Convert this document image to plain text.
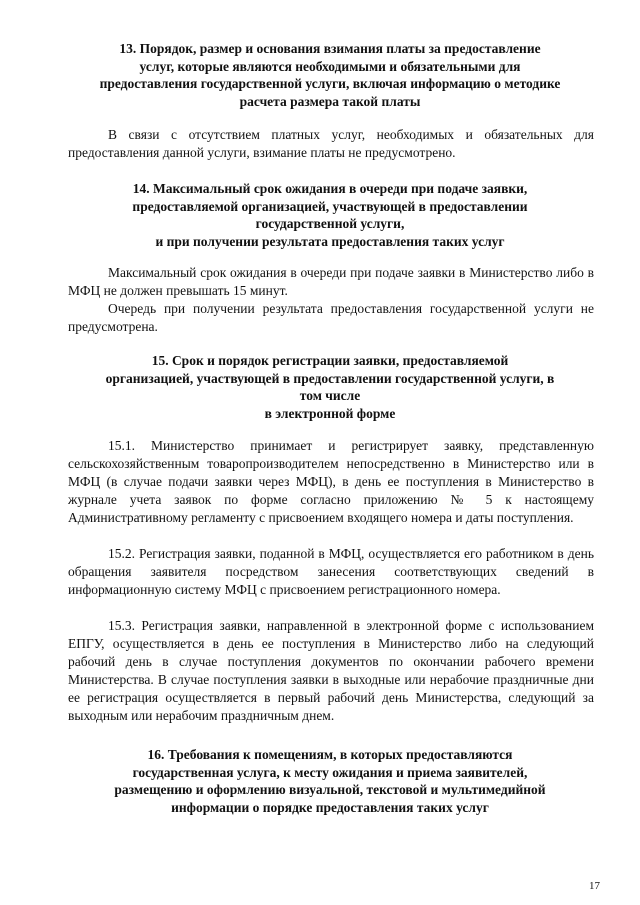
13. Порядок, размер и основания взимания платы за предоставление
услуг, которые являются необходимыми и обязательными для
предоставления государственной услуги, включая информацию о методике
расчета размера такой платы
В связи с отсутствием платных услуг, необходимых и обязательных для предоставления данной услуги, взимание платы не предусмотрено.
14. Максимальный срок ожидания в очереди при подаче заявки,
предоставляемой организацией, участвующей в предоставлении
государственной услуги,
и при получении результата предоставления таких услуг
Максимальный срок ожидания в очереди при подаче заявки в Министерство либо в МФЦ не должен превышать 15 минут.
Очередь при получении результата предоставления государственной услуги не предусмотрена.
15. Срок и порядок регистрации заявки, предоставляемой
организацией, участвующей в предоставлении государственной услуги, в
том числе
в электронной форме
15.1. Министерство принимает и регистрирует заявку, представленную сельскохозяйственным товаропроизводителем непосредственно в Министерство или в МФЦ (в случае подачи заявки через МФЦ), в день ее поступления в Министерство в журнале учета заявок по форме согласно приложению № 5 к настоящему Административному регламенту с присвоением входящего номера и даты поступления.
15.2. Регистрация заявки, поданной в МФЦ, осуществляется его работником в день обращения заявителя посредством занесения соответствующих сведений в информационную систему МФЦ с присвоением регистрационного номера.
15.3. Регистрация заявки, направленной в электронной форме с использованием ЕПГУ, осуществляется в день ее поступления в Министерство либо на следующий рабочий день в случае поступления документов по окончании рабочего времени Министерства. В случае поступления заявки в выходные или нерабочие праздничные дни ее регистрация осуществляется в первый рабочий день Министерства, следующий за выходным или нерабочим праздничным днем.
16. Требования к помещениям, в которых предоставляются
государственная услуга, к месту ожидания и приема заявителей,
размещению и оформлению визуальной, текстовой и мультимедийной
информации о порядке предоставления таких услуг
17
